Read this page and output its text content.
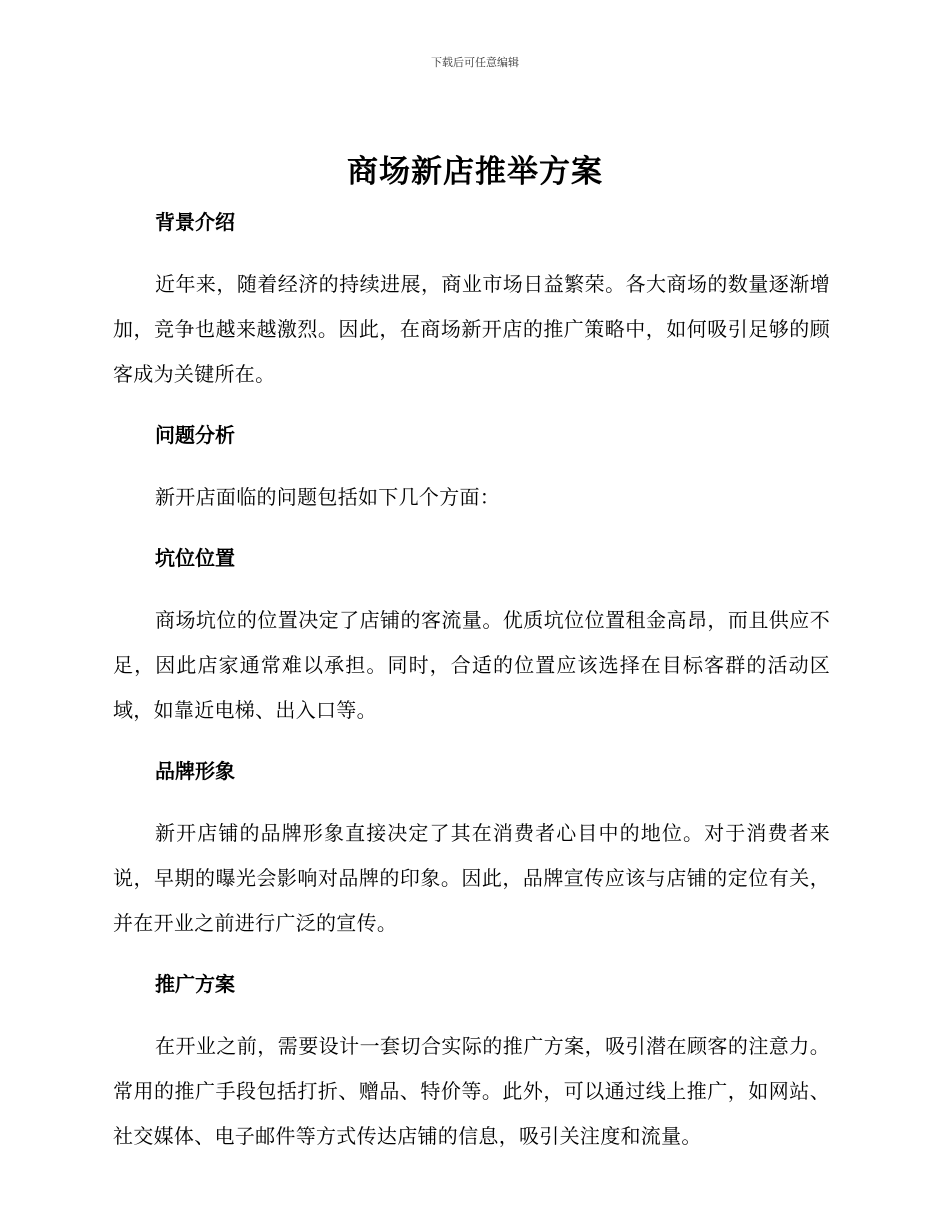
下载后可任意编辑
商场新店推举方案
背景介绍

近年来，随着经济的持续进展，商业市场日益繁荣。各大商场的数量逐渐增加，竞争也越来越激烈。因此，在商场新开店的推广策略中，如何吸引足够的顾客成为关键所在。

问题分析

新开店面临的问题包括如下几个方面：

坑位位置

商场坑位的位置决定了店铺的客流量。优质坑位位置租金高昂，而且供应不足，因此店家通常难以承担。同时，合适的位置应该选择在目标客群的活动区域，如靠近电梯、出入口等。

品牌形象

新开店铺的品牌形象直接决定了其在消费者心目中的地位。对于消费者来说，早期的曝光会影响对品牌的印象。因此，品牌宣传应该与店铺的定位有关，并在开业之前进行广泛的宣传。

推广方案

在开业之前，需要设计一套切合实际的推广方案，吸引潜在顾客的注意力。常用的推广手段包括打折、赠品、特价等。此外，可以通过线上推广，如网站、社交媒体、电子邮件等方式传达店铺的信息，吸引关注度和流量。
